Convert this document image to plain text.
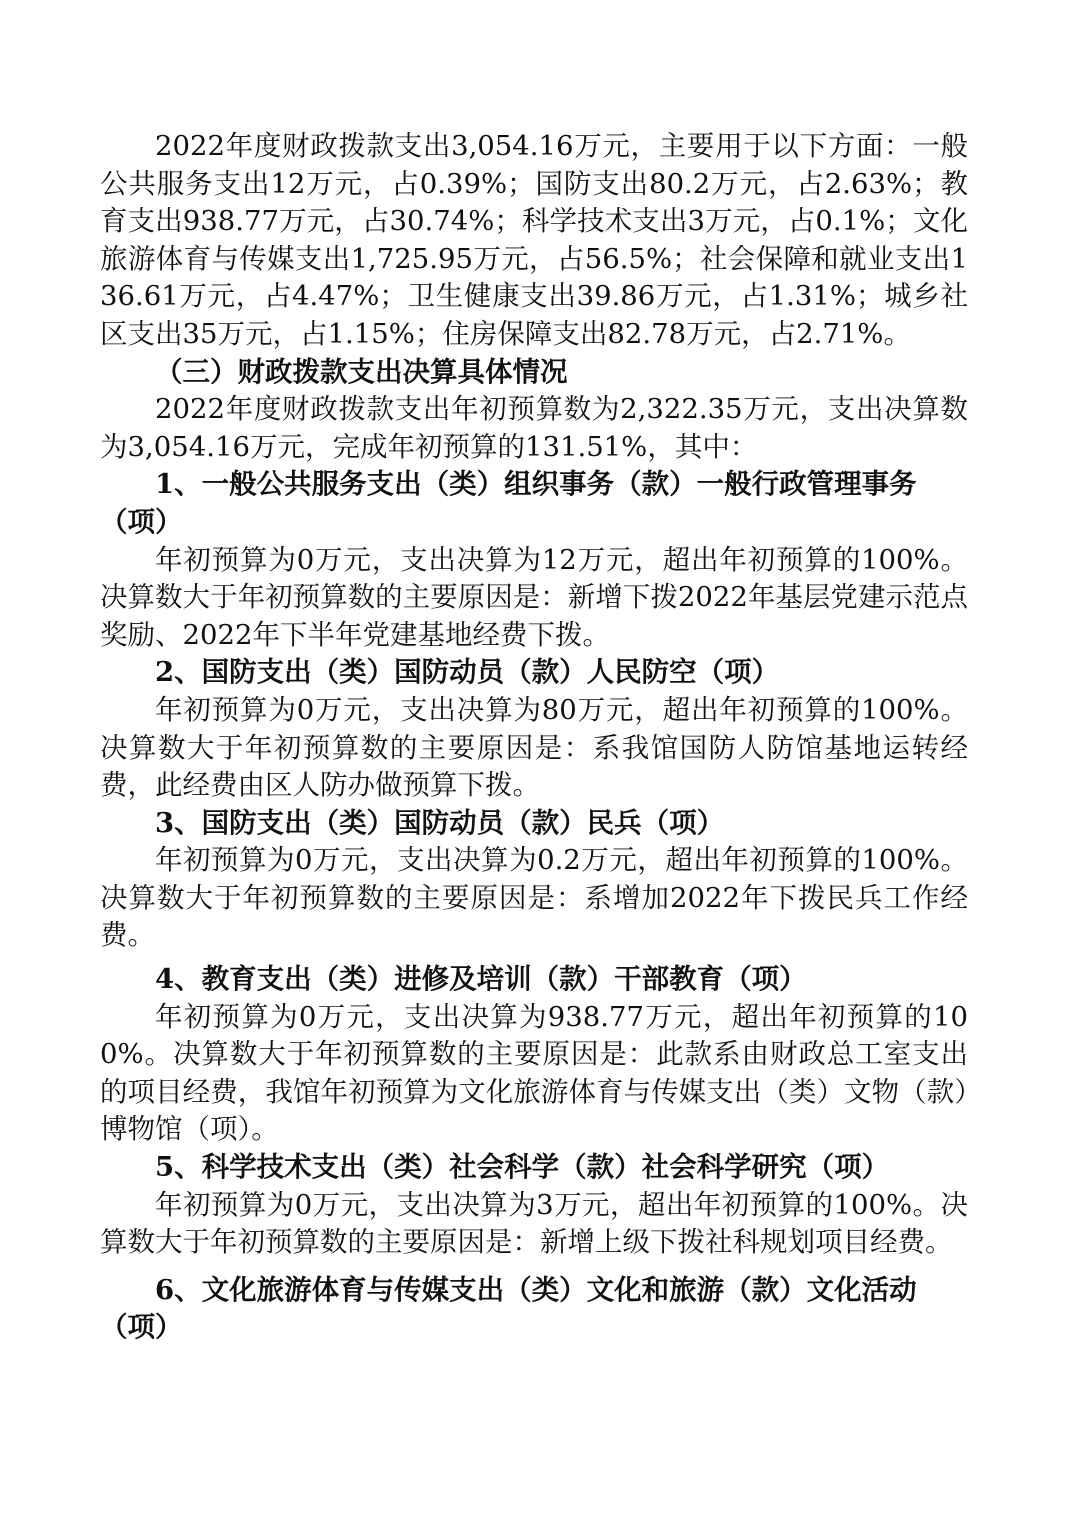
2022年度财政拨款支出3,054.16万元，主要用于以下方面：一般公共服务支出12万元，占0.39%；国防支出80.2万元，占2.63%；教育支出938.77万元，占30.74%；科学技术支出3万元，占0.1%；文化旅游体育与传媒支出1,725.95万元，占56.5%；社会保障和就业支出136.61万元，占4.47%；卫生健康支出39.86万元，占1.31%；城乡社区支出35万元，占1.15%；住房保障支出82.78万元，占2.71%。

（三）财政拨款支出决算具体情况

2022年度财政拨款支出年初预算数为2,322.35万元，支出决算数为3,054.16万元，完成年初预算的131.51%，其中：

1、一般公共服务支出（类）组织事务（款）一般行政管理事务（项）

年初预算为0万元，支出决算为12万元，超出年初预算的100%。决算数大于年初预算数的主要原因是：新增下拨2022年基层党建示范点奖励、2022年下半年党建基地经费下拨。

2、国防支出（类）国防动员（款）人民防空（项）

年初预算为0万元，支出决算为80万元，超出年初预算的100%。决算数大于年初预算数的主要原因是：系我馆国防人防馆基地运转经费，此经费由区人防办做预算下拨。

3、国防支出（类）国防动员（款）民兵（项）

年初预算为0万元，支出决算为0.2万元，超出年初预算的100%。决算数大于年初预算数的主要原因是：系增加2022年下拨民兵工作经费。

4、教育支出（类）进修及培训（款）干部教育（项）

年初预算为0万元，支出决算为938.77万元，超出年初预算的100%。决算数大于年初预算数的主要原因是：此款系由财政总工室支出的项目经费，我馆年初预算为文化旅游体育与传媒支出（类）文物（款）博物馆（项）。

5、科学技术支出（类）社会科学（款）社会科学研究（项）

年初预算为0万元，支出决算为3万元，超出年初预算的100%。决算数大于年初预算数的主要原因是：新增上级下拨社科规划项目经费。

6、文化旅游体育与传媒支出（类）文化和旅游（款）文化活动（项）
